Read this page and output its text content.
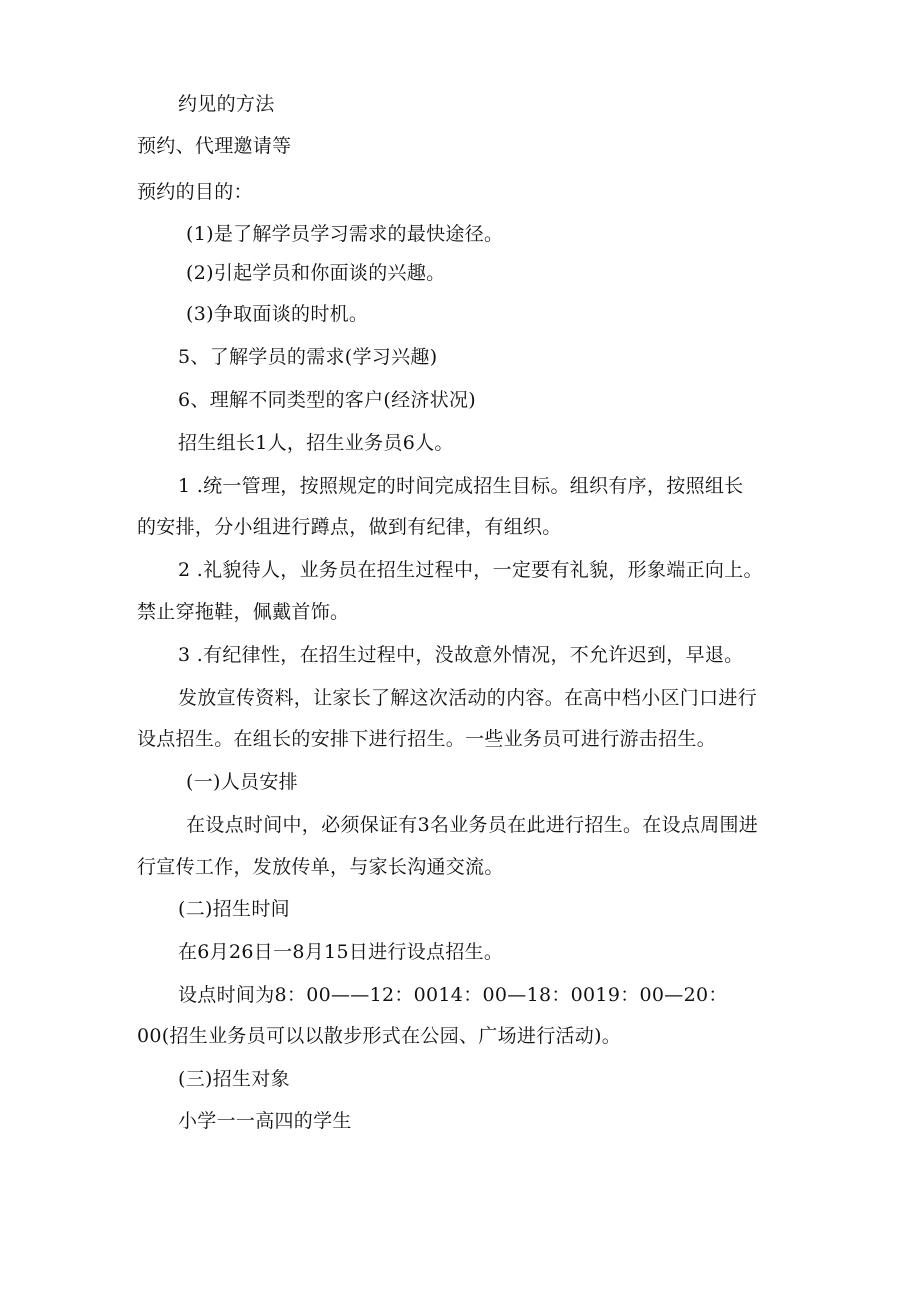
约见的方法
预约、代理邀请等
预约的目的：
(1)是了解学员学习需求的最快途径。
(2)引起学员和你面谈的兴趣。
(3)争取面谈的时机。
5、了解学员的需求(学习兴趣)
6、理解不同类型的客户(经济状况)
招生组长1人，招生业务员6人。
1 .统一管理，按照规定的时间完成招生目标。组织有序，按照组长
的安排，分小组进行蹲点，做到有纪律，有组织。
2 .礼貌待人，业务员在招生过程中，一定要有礼貌，形象端正向上。
禁止穿拖鞋，佩戴首饰。
3 .有纪律性，在招生过程中，没故意外情况，不允许迟到，早退。
发放宣传资料，让家长了解这次活动的内容。在高中档小区门口进行
设点招生。在组长的安排下进行招生。一些业务员可进行游击招生。
(一)人员安排
在设点时间中，必须保证有3名业务员在此进行招生。在设点周围进
行宣传工作，发放传单，与家长沟通交流。
(二)招生时间
在6月26日一8月15日进行设点招生。
设点时间为8：00——12：0014：00—18：0019：00—20：
00(招生业务员可以以散步形式在公园、广场进行活动)。
(三)招生对象
小学一一高四的学生
